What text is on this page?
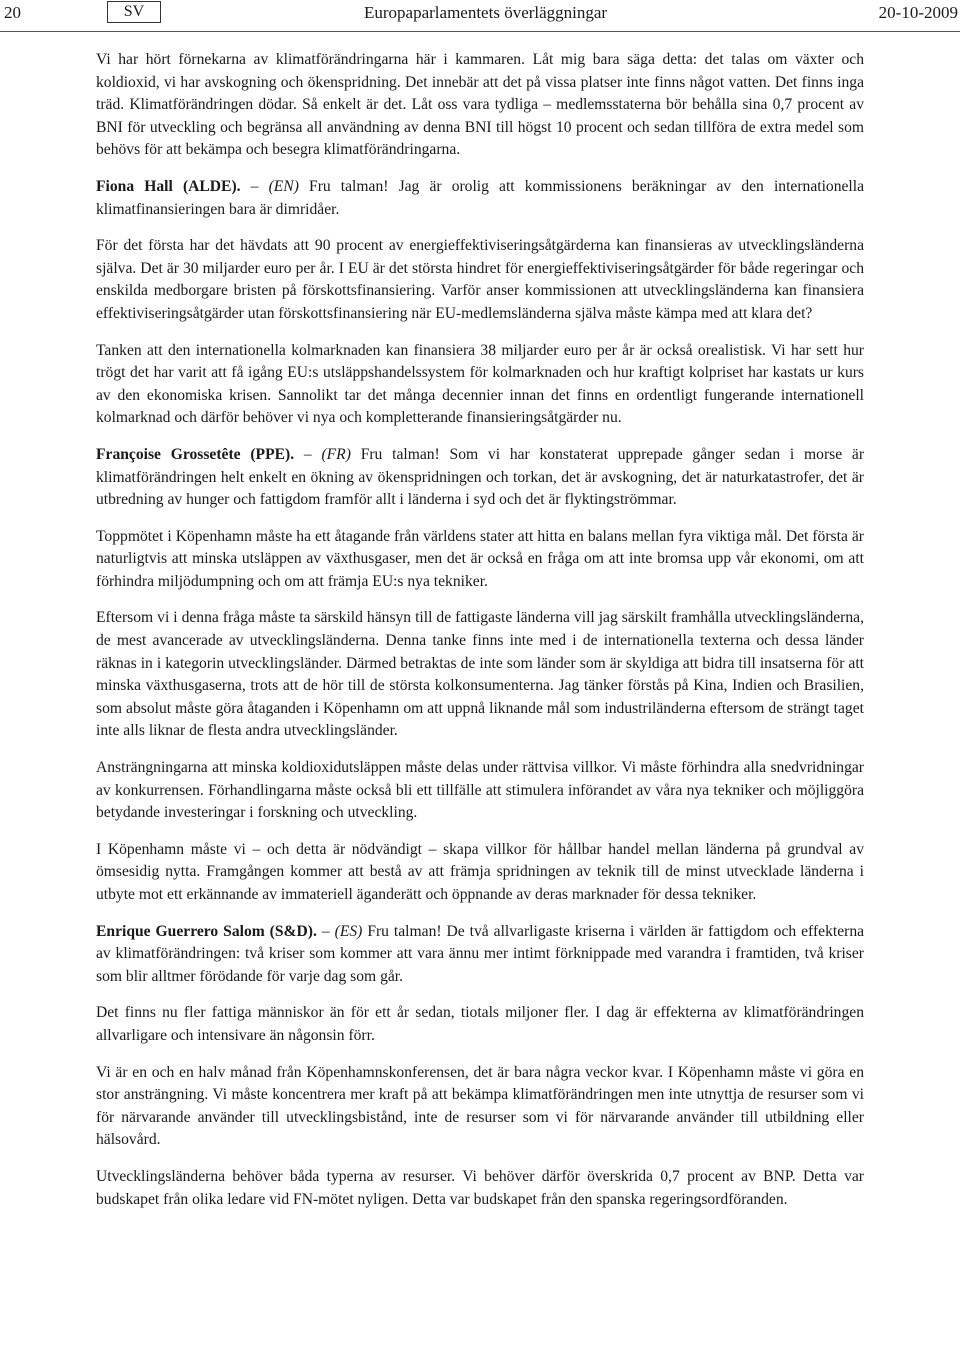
20	SV	Europaparlamentets överläggningar	20-10-2009

Vi har hört förnekarna av klimatförändringarna här i kammaren. Låt mig bara säga detta: det talas om växter och koldioxid, vi har avskogning och ökenspridning. Det innebär att det på vissa platser inte finns något vatten. Det finns inga träd. Klimatförändringen dödar. Så enkelt är det. Låt oss vara tydliga – medlemsstaterna bör behålla sina 0,7 procent av BNI för utveckling och begränsa all användning av denna BNI till högst 10 procent och sedan tillföra de extra medel som behövs för att bekämpa och besegra klimatförändringarna.

Fiona Hall (ALDE). – (EN) Fru talman! Jag är orolig att kommissionens beräkningar av den internationella klimatfinansieringen bara är dimridåer.

För det första har det hävdats att 90 procent av energieffektiviseringsåtgärderna kan finansieras av utvecklingsländerna själva. Det är 30 miljarder euro per år. I EU är det största hindret för energieffektiviseringsåtgärder för både regeringar och enskilda medborgare bristen på förskottsfinansiering. Varför anser kommissionen att utvecklingsländerna kan finansiera effektiviseringsåtgärder utan förskottsfinansiering när EU-medlemsländerna själva måste kämpa med att klara det?

Tanken att den internationella kolmarknaden kan finansiera 38 miljarder euro per år är också orealistisk. Vi har sett hur trögt det har varit att få igång EU:s utsläppshandelssystem för kolmarknaden och hur kraftigt kolpriset har kastats ur kurs av den ekonomiska krisen. Sannolikt tar det många decennier innan det finns en ordentligt fungerande internationell kolmarknad och därför behöver vi nya och kompletterande finansieringsåtgärder nu.

Françoise Grossetête (PPE). – (FR) Fru talman! Som vi har konstaterat upprepade gånger sedan i morse är klimatförändringen helt enkelt en ökning av ökenspridningen och torkan, det är avskogning, det är naturkatastrofer, det är utbredning av hunger och fattigdom framför allt i länderna i syd och det är flyktingströmmar.

Toppmötet i Köpenhamn måste ha ett åtagande från världens stater att hitta en balans mellan fyra viktiga mål. Det första är naturligtvis att minska utsläppen av växthusgaser, men det är också en fråga om att inte bromsa upp vår ekonomi, om att förhindra miljödumpning och om att främja EU:s nya tekniker.

Eftersom vi i denna fråga måste ta särskild hänsyn till de fattigaste länderna vill jag särskilt framhålla utvecklingsländerna, de mest avancerade av utvecklingsländerna. Denna tanke finns inte med i de internationella texterna och dessa länder räknas in i kategorin utvecklingsländer. Därmed betraktas de inte som länder som är skyldiga att bidra till insatserna för att minska växthusgaserna, trots att de hör till de största kolkonsumenterna. Jag tänker förstås på Kina, Indien och Brasilien, som absolut måste göra åtaganden i Köpenhamn om att uppnå liknande mål som industriländerna eftersom de strängt taget inte alls liknar de flesta andra utvecklingsländer.

Ansträngningarna att minska koldioxidutsläppen måste delas under rättvisa villkor. Vi måste förhindra alla snedvridningar av konkurrensen. Förhandlingarna måste också bli ett tillfälle att stimulera införandet av våra nya tekniker och möjliggöra betydande investeringar i forskning och utveckling.

I Köpenhamn måste vi – och detta är nödvändigt – skapa villkor för hållbar handel mellan länderna på grundval av ömsesidig nytta. Framgången kommer att bestå av att främja spridningen av teknik till de minst utvecklade länderna i utbyte mot ett erkännande av immateriell äganderätt och öppnande av deras marknader för dessa tekniker.

Enrique Guerrero Salom (S&D). – (ES) Fru talman! De två allvarligaste kriserna i världen är fattigdom och effekterna av klimatförändringen: två kriser som kommer att vara ännu mer intimt förknippade med varandra i framtiden, två kriser som blir alltmer förödande för varje dag som går.

Det finns nu fler fattiga människor än för ett år sedan, tiotals miljoner fler. I dag är effekterna av klimatförändringen allvarligare och intensivare än någonsin förr.

Vi är en och en halv månad från Köpenhamnskonferensen, det är bara några veckor kvar. I Köpenhamn måste vi göra en stor ansträngning. Vi måste koncentrera mer kraft på att bekämpa klimatförändringen men inte utnyttja de resurser som vi för närvarande använder till utvecklingsbistånd, inte de resurser som vi för närvarande använder till utbildning eller hälsovård.

Utvecklingsländerna behöver båda typerna av resurser. Vi behöver därför överskrida 0,7 procent av BNP. Detta var budskapet från olika ledare vid FN-mötet nyligen. Detta var budskapet från den spanska regeringsordföranden.
